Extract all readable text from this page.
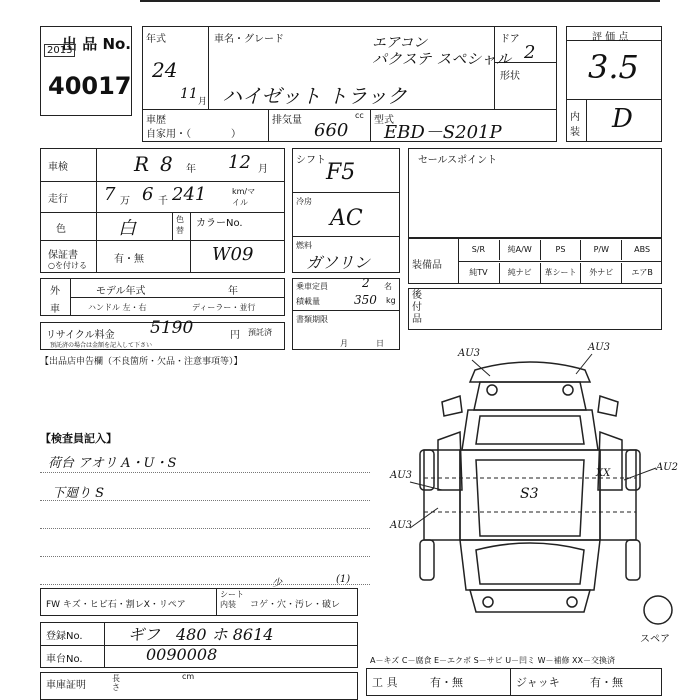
出 品 No.
2013
40017
年式
24
11 月
車名・グレード	エアコン
パクステ スペシャル
ハイゼット トラック
ドア
2
形状
車歴
自家用・（　　　　）
排気量	cc
660	型式
EBD－S201P
評 価 点
3.5
内装 D
車検	R 8 年 12 月
走行 7 万 6 千 241	km/マイル
色	白	色替
カラーNo.
W09
保証書
○を付ける
有・無
シフト F5
冷房
AC
燃料
ガソリン
セールスポイント
装備品
S/R	純A/W	PS	P/W	ABS
純TV	純ナビ	革シート	外ナビ	エアB
後付品
外
車
モデル年式	年
ハンドル 左・右	ディーラー・並行
リサイクル料金 5190	円 預託済
預託済の場合は金額を記入して下さい
乗車定員	2 名
積載量	350 kg
書類期限
月	日
【出品店申告欄（不良箇所・欠品・注意事項等）】
【検査員記入】
荷台 アオリ A・U・S
下廻り S
AU3
AU3
AU3
AU3
AU2
S3
XX
スペア
FW キズ・ヒビ石・割レX・リペア
シート内装	コゲ・穴・汚レ・破レ
少	(1)
登録No.	ギフ　480 ホ 8614
車台No.	0090008
車庫証明
長さ
cm
A－キズ C－腐食 E－エクボ S－サビ U－凹ミ W－補修 XX－交換済
工 具	有・無	ジャッキ	有・無
